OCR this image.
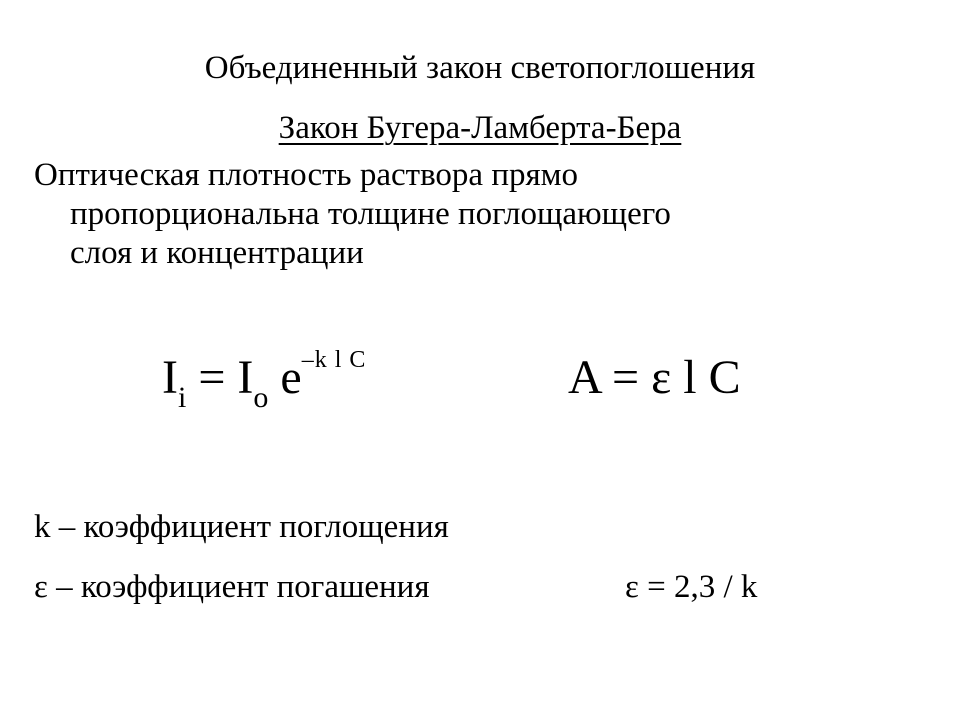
Объединенный закон светопоглошения
Закон Бугера-Ламберта-Бера
Оптическая плотность раствора прямо
пропорциональна толщине поглощающего
слоя и концентрации
$I_i = I_o$ $e^{-k l C}$	A = ε l C
k – коэффициент поглощения
ε – коэффициент погашения	ε = 2,3 / k
